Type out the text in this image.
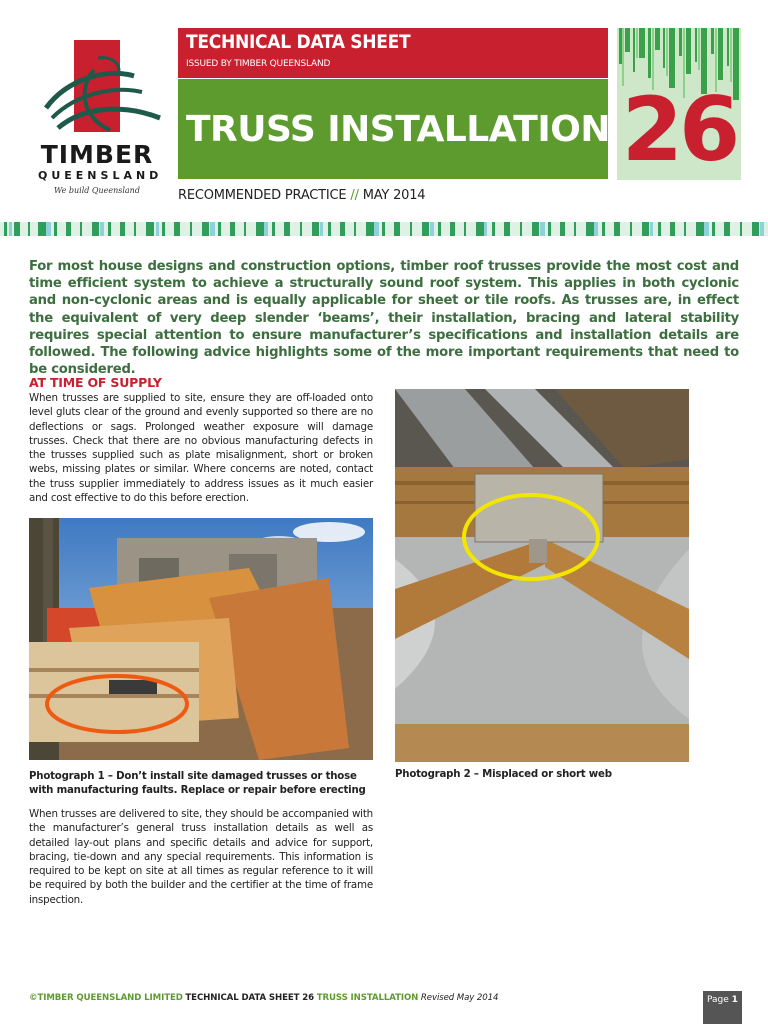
TIMBER
QUEENSLAND
We build Queensland
TECHNICAL DATA SHEET
ISSUED BY TIMBER QUEENSLAND
TRUSS INSTALLATION
RECOMMENDED PRACTICE // MAY 2014
26
For most house designs and construction options, timber roof trusses provide the most cost and time efficient system to achieve a structurally sound roof system. This applies in both cyclonic and non-cyclonic areas and is equally applicable for sheet or tile roofs. As trusses are, in effect the equivalent of very deep slender ‘beams’, their installation, bracing and lateral stability requires special attention to ensure manufacturer’s specifications and installation details are followed. The following advice highlights some of the more important requirements that need to be considered.
AT TIME OF SUPPLY
When trusses are supplied to site, ensure they are off-loaded onto level gluts clear of the ground and evenly supported so there are no deflections or sags. Prolonged weather exposure will damage trusses. Check that there are no obvious manufacturing defects in the trusses supplied such as plate misalignment, short or broken webs, missing plates or similar. Where concerns are noted, contact the truss supplier immediately to address issues as it much easier and cost effective to do this before erection.
Photograph 1 – Don’t install site damaged trusses or those with manufacturing faults. Replace or repair before erecting
When trusses are delivered to site, they should be accompanied with the manufacturer’s general truss installation details as well as detailed lay-out plans and specific details and advice for support, bracing, tie-down and any special requirements. This information is required to be kept on site at all times as regular reference to it will be required by both the builder and the certifier at the time of frame inspection.
Photograph 2 – Misplaced or short web
©TIMBER QUEENSLAND LIMITED TECHNICAL DATA SHEET 26 TRUSS INSTALLATION Revised May 2014	Page 1
